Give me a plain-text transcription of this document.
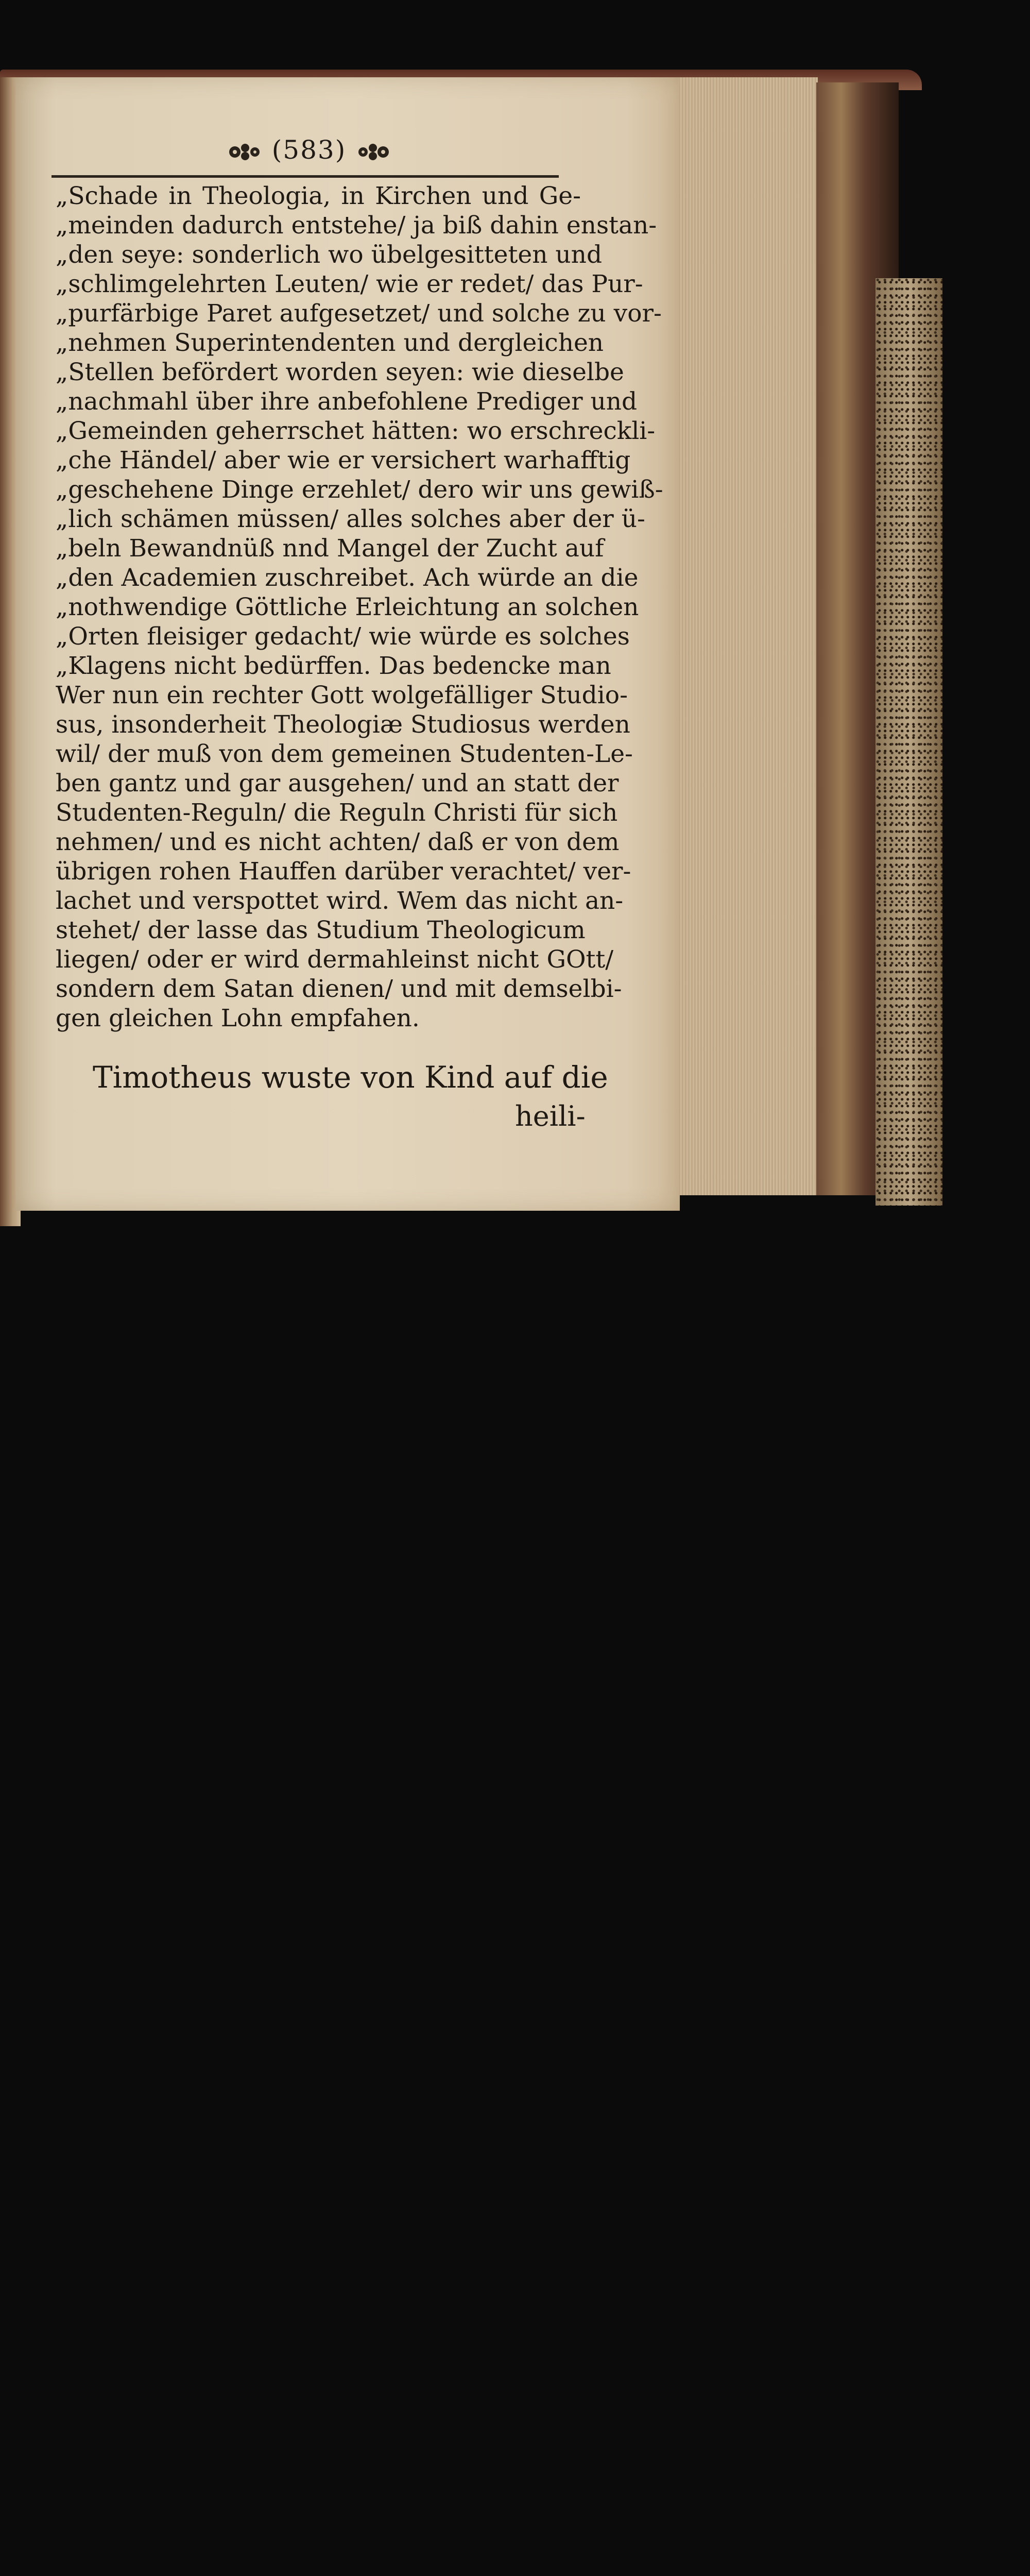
(583)
„Schade in Theologia, in Kirchen und Ge-
„meinden dadurch entstehe/ ja biß dahin enstan-
„den seye: sonderlich wo übelgesitteten und
„schlimgelehrten Leuten/ wie er redet/ das Pur-
„purfärbige Paret aufgesetzet/ und solche zu vor-
„nehmen Superintendenten und dergleichen
„Stellen befördert worden seyen: wie dieselbe
„nachmahl über ihre anbefohlene Prediger und
„Gemeinden geherrschet hätten: wo erschreckli-
„che Händel/ aber wie er versichert warhafftig
„geschehene Dinge erzehlet/ dero wir uns gewiß-
„lich schämen müssen/ alles solches aber der ü-
„beln Bewandnüß nnd Mangel der Zucht auf
„den Academien zuschreibet. Ach würde an die
„nothwendige Göttliche Erleichtung an solchen
„Orten fleisiger gedacht/ wie würde es solches
„Klagens nicht bedürffen. Das bedencke man
Wer nun ein rechter Gott wolgefälliger Studio-
sus, insonderheit Theologiæ Studiosus werden
wil/ der muß von dem gemeinen Studenten-Le-
ben gantz und gar ausgehen/ und an statt der
Studenten-Reguln/ die Reguln Christi für sich
nehmen/ und es nicht achten/ daß er von dem
übrigen rohen Hauffen darüber verachtet/ ver-
lachet und verspottet wird. Wem das nicht an-
stehet/ der lasse das Studium Theologicum
liegen/ oder er wird dermahleinst nicht GOtt/
sondern dem Satan dienen/ und mit demselbi-
gen gleichen Lohn empfahen.
Timotheus wuste von Kind auf die
heili-
